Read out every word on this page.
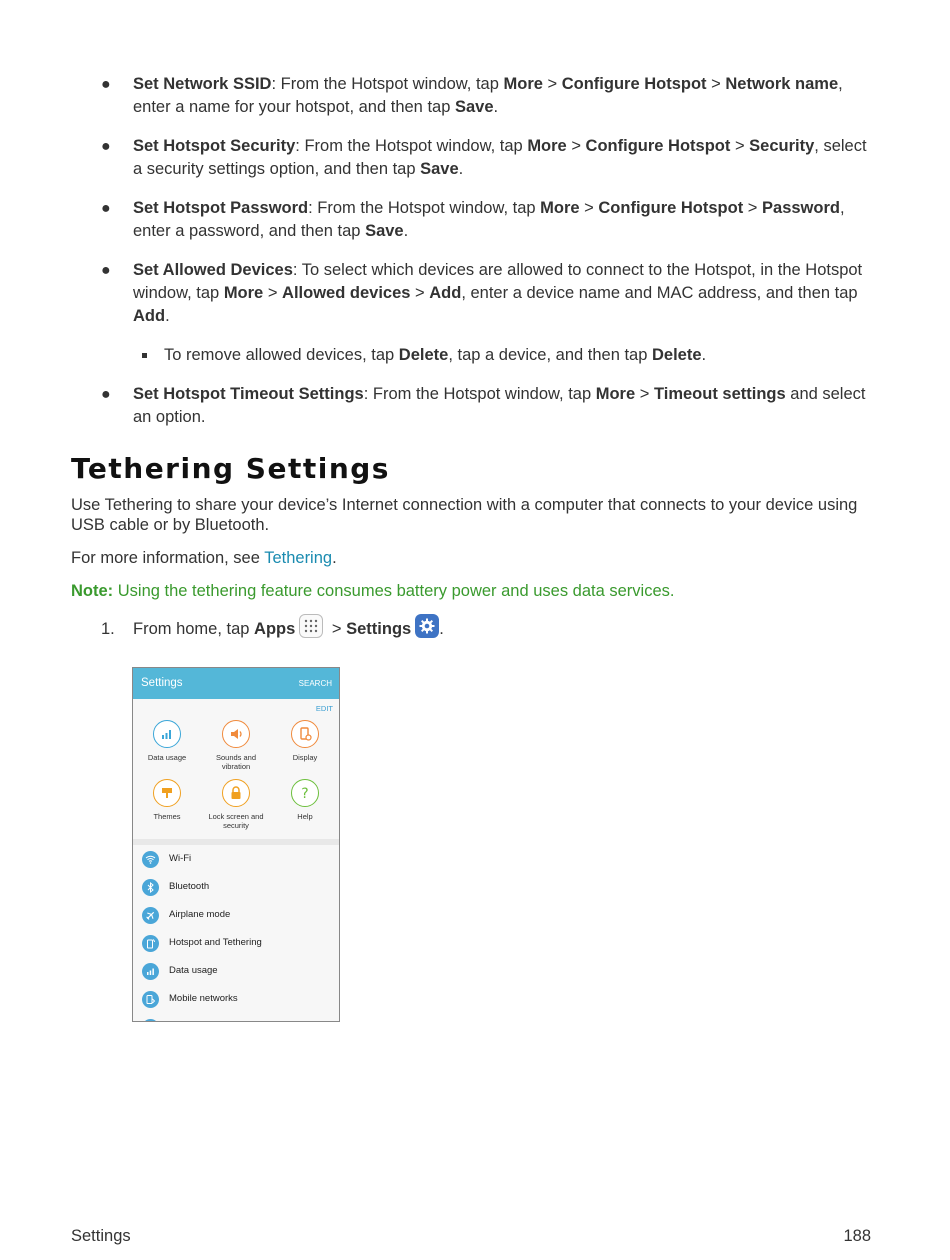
● Set Network SSID: From the Hotspot window, tap More > Configure Hotspot > Network name, enter a name for your hotspot, and then tap Save.
● Set Hotspot Security: From the Hotspot window, tap More > Configure Hotspot > Security, select a security settings option, and then tap Save.
● Set Hotspot Password: From the Hotspot window, tap More > Configure Hotspot > Password, enter a password, and then tap Save.
● Set Allowed Devices: To select which devices are allowed to connect to the Hotspot, in the Hotspot window, tap More > Allowed devices > Add, enter a device name and MAC address, and then tap Add.
To remove allowed devices, tap Delete, tap a device, and then tap Delete.
● Set Hotspot Timeout Settings: From the Hotspot window, tap More > Timeout settings and select an option.
Tethering Settings
Use Tethering to share your device’s Internet connection with a computer that connects to your device using USB cable or by Bluetooth.
For more information, see Tethering.
Note: Using the tethering feature consumes battery power and uses data services.
1. From home, tap Apps
> Settings .
Settings	SEARCH
EDIT
Data usage	Sounds and vibration
Display
Themes	Lock screen and security
?
Help
Wi-Fi
Bluetooth
Airplane mode
Hotspot and Tethering
Data usage
Mobile networks
Settings	188
